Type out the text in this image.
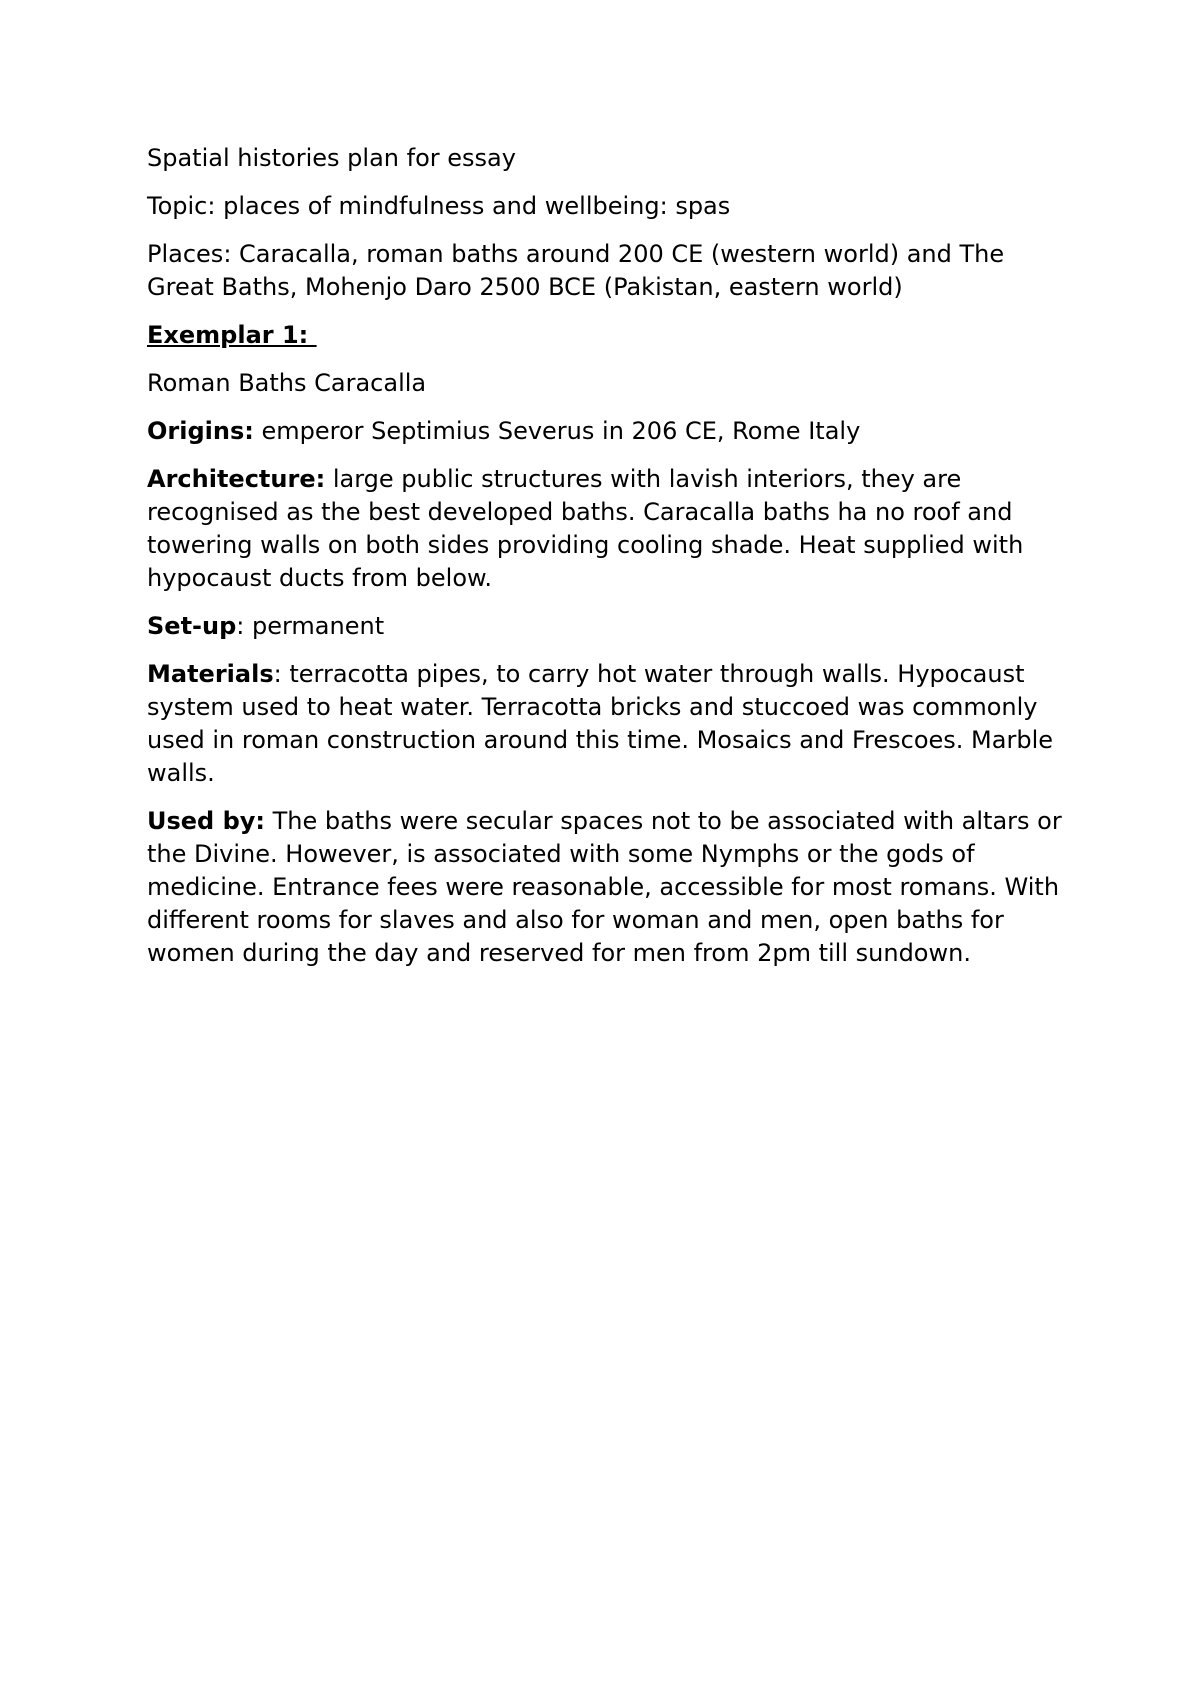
Spatial histories plan for essay

Topic: places of mindfulness and wellbeing: spas

Places: Caracalla, roman baths around 200 CE (western world) and The Great Baths, Mohenjo Daro 2500 BCE (Pakistan, eastern world)

Exemplar 1:

Roman Baths Caracalla

Origins: emperor Septimius Severus in 206 CE, Rome Italy

Architecture: large public structures with lavish interiors, they are recognised as the best developed baths. Caracalla baths ha no roof and towering walls on both sides providing cooling shade. Heat supplied with hypocaust ducts from below.

Set-up: permanent

Materials: terracotta pipes, to carry hot water through walls. Hypocaust system used to heat water. Terracotta bricks and stuccoed was commonly used in roman construction around this time. Mosaics and Frescoes. Marble walls.

Used by: The baths were secular spaces not to be associated with altars or the Divine. However, is associated with some Nymphs or the gods of medicine. Entrance fees were reasonable, accessible for most romans. With different rooms for slaves and also for woman and men, open baths for women during the day and reserved for men from 2pm till sundown.
